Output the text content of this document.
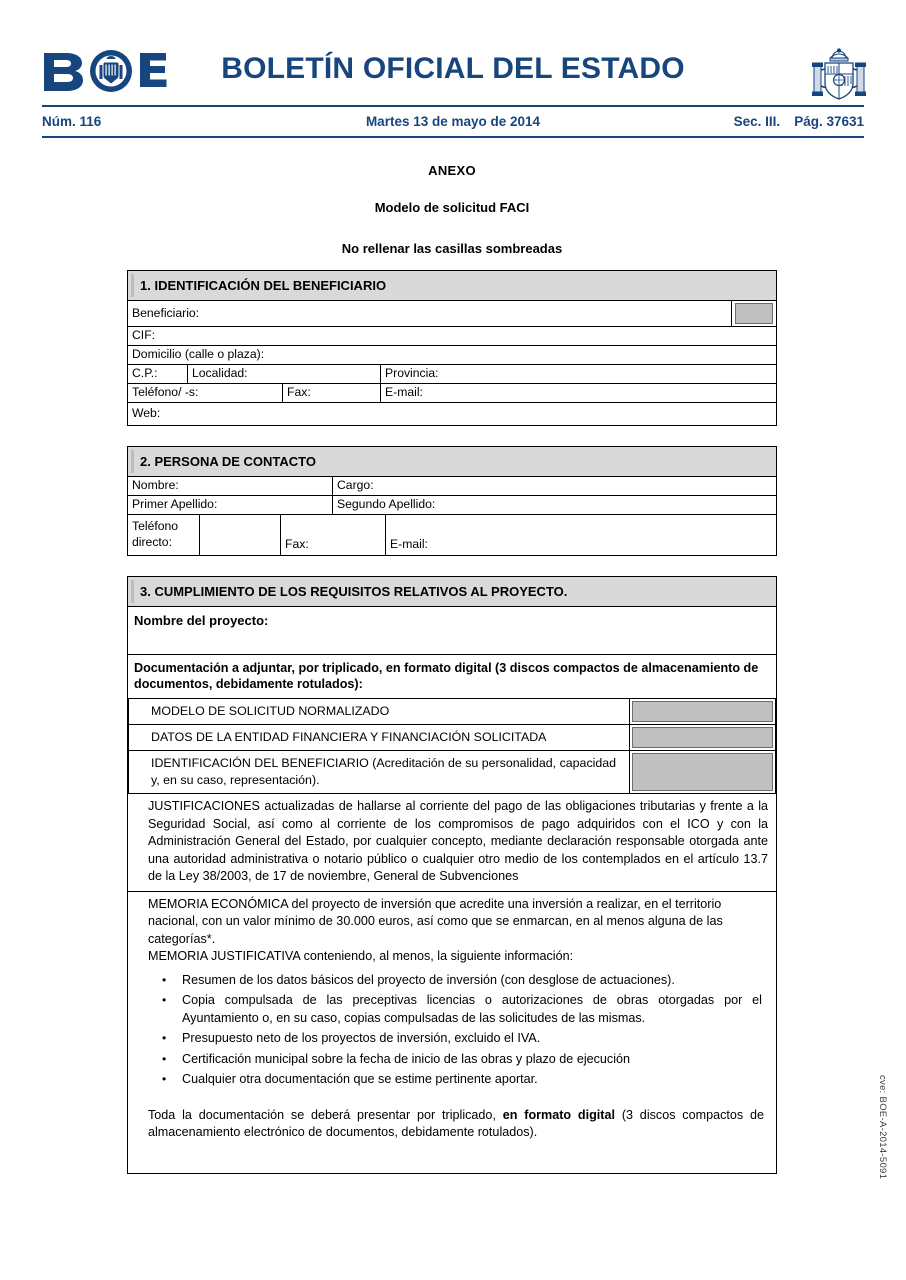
BOLETÍN OFICIAL DEL ESTADO
Núm. 116	Martes 13 de mayo de 2014	Sec. III. Pág. 37631
ANEXO
Modelo de solicitud FACI
No rellenar las casillas sombreadas
1. IDENTIFICACIÓN DEL BENEFICIARIO
Beneficiario:
CIF:
Domicilio (calle o plaza):
C.P.:	Localidad:	Provincia:
Teléfono/ -s:	Fax:	E-mail:
Web:
2. PERSONA DE CONTACTO
Nombre:	Cargo:
Primer Apellido:	Segundo Apellido:
Teléfono directo:	Fax:	E-mail:
3. CUMPLIMIENTO DE LOS REQUISITOS RELATIVOS AL PROYECTO.
Nombre del proyecto:
Documentación a adjuntar, por triplicado, en formato digital (3 discos compactos de almacenamiento de documentos, debidamente rotulados):
MODELO DE SOLICITUD NORMALIZADO
DATOS DE LA ENTIDAD FINANCIERA Y FINANCIACIÓN SOLICITADA
IDENTIFICACIÓN DEL BENEFICIARIO (Acreditación de su personalidad, capacidad y, en su caso, representación).
JUSTIFICACIONES actualizadas de hallarse al corriente del pago de las obligaciones tributarias y frente a la Seguridad Social, así como al corriente de los compromisos de pago adquiridos con el ICO y con la Administración General del Estado, por cualquier concepto, mediante declaración responsable otorgada ante una autoridad administrativa o notario público o cualquier otro medio de los contemplados en el artículo 13.7 de la Ley 38/2003, de 17 de noviembre, General de Subvenciones
MEMORIA ECONÓMICA del proyecto de inversión que acredite una inversión a realizar, en el territorio nacional, con un valor mínimo de 30.000 euros, así como que se enmarcan, en al menos alguna de las categorías*.
MEMORIA JUSTIFICATIVA conteniendo, al menos, la siguiente información:
• Resumen de los datos básicos del proyecto de inversión (con desglose de actuaciones).
• Copia compulsada de las preceptivas licencias o autorizaciones de obras otorgadas por el Ayuntamiento o, en su caso, copias compulsadas de las solicitudes de las mismas.
• Presupuesto neto de los proyectos de inversión, excluido el IVA.
• Certificación municipal sobre la fecha de inicio de las obras y plazo de ejecución
• Cualquier otra documentación que se estime pertinente aportar.

Toda la documentación se deberá presentar por triplicado, en formato digital (3 discos compactos de almacenamiento electrónico de documentos, debidamente rotulados).	cve: BOE-A-2014-5091
